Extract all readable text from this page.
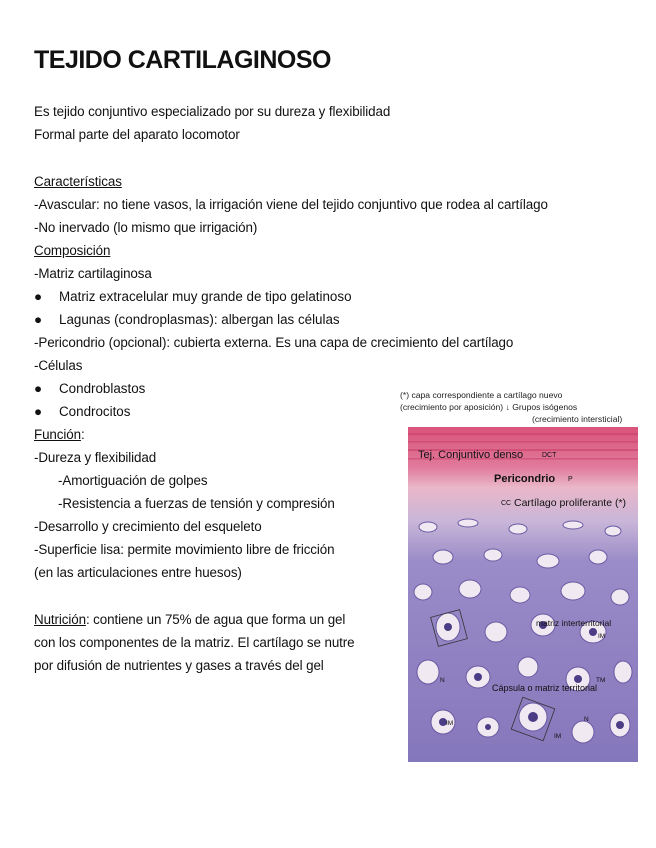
TEJIDO CARTILAGINOSO
Es tejido conjuntivo especializado por su dureza y flexibilidad
Formal parte del aparato locomotor
Características
-Avascular: no tiene vasos, la irrigación viene del tejido conjuntivo que rodea al cartílago
-No inervado (lo mismo que irrigación)
Composición
-Matriz cartilaginosa
● Matriz extracelular muy grande de tipo gelatinoso
● Lagunas (condroplasmas): albergan las células
-Pericondrio (opcional): cubierta externa. Es una capa de crecimiento del cartílago
-Células
● Condroblastos
● Condrocitos
Función:
-Dureza y flexibilidad
-Amortiguación de golpes
-Resistencia a fuerzas de tensión y compresión
-Desarrollo y crecimiento del esqueleto
-Superficie lisa: permite movimiento libre de fricción
(en las articulaciones entre huesos)
Nutrición: contiene un 75% de agua que forma un gel
con los componentes de la matriz. El cartílago se nutre
por difusión de nutrientes y gases a través del gel
(*) capa correspondiente a cartílago nuevo
(crecimiento por aposición) ↓ Grupos isógenos
(crecimiento intersticial)
Tej. Conjuntivo denso	DCT
Pericondrio P
CC Cartílago proliferante (*)
matriz interterritorial
IM
N
Cápsula o matriz territorial
TM
IM
N
IM
